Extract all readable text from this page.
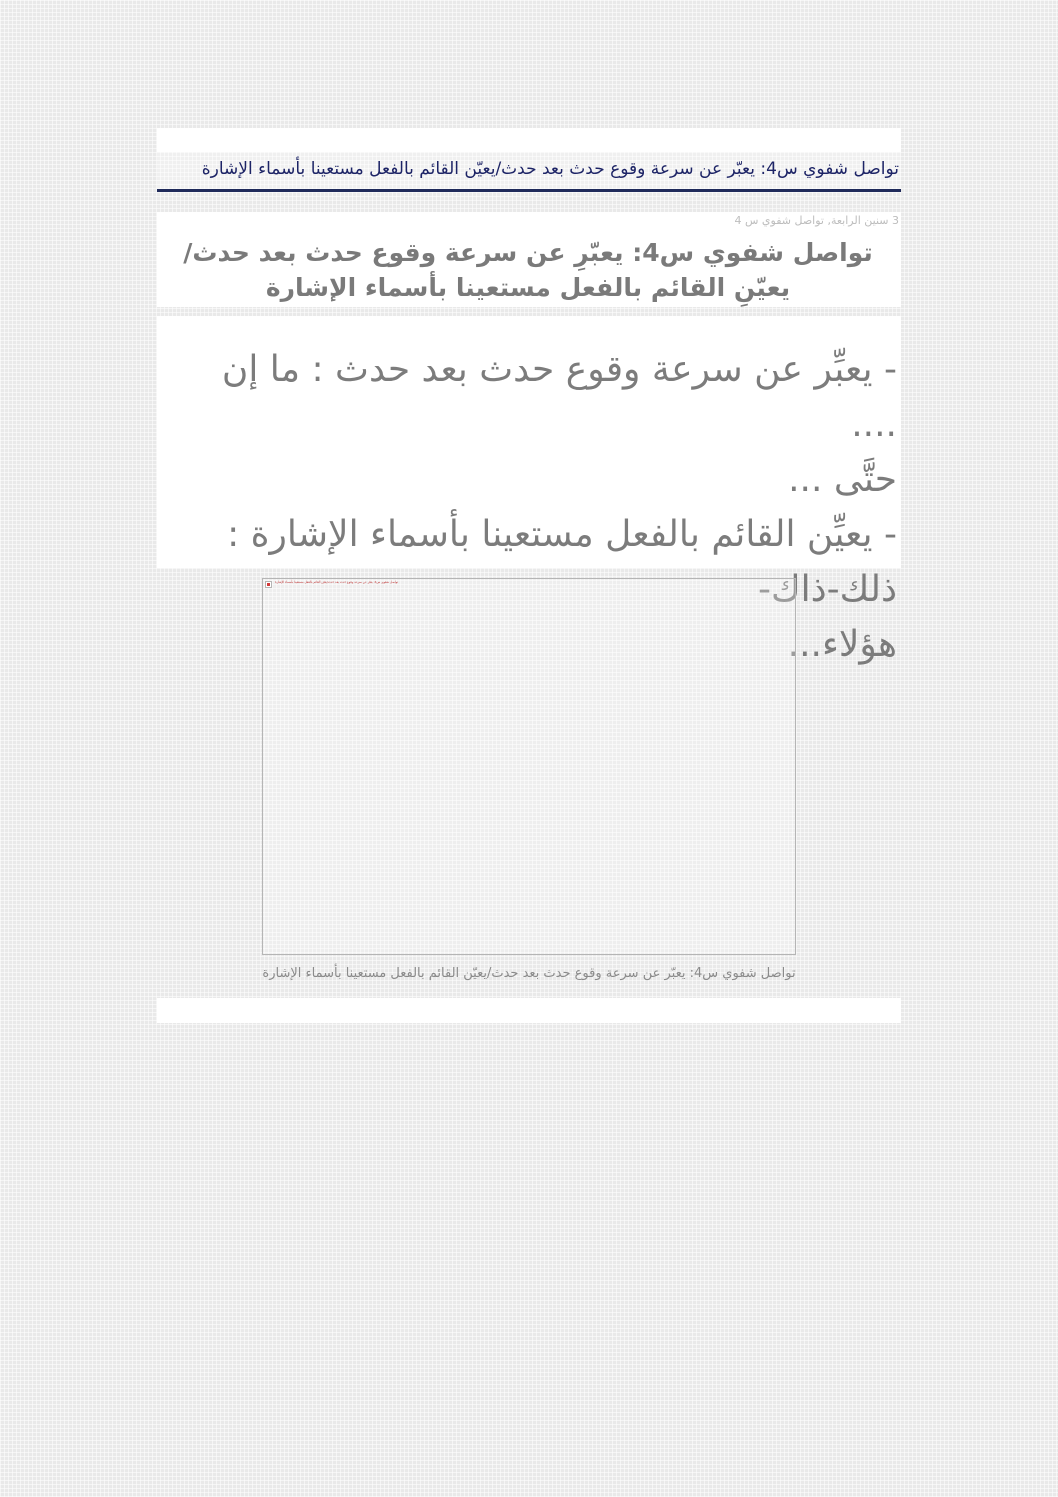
تواصل شفوي س4: يعبّر عن سرعة وقوع حدث بعد حدث/يعيّن القائم بالفعل مستعينا بأسماء الإشارة
3 سنين الرابعة, تواصل شفوي س 4
تواصل شفوي س4: يعبّرِ عن سرعة وقوع حدث بعد حدث/يعيّنِ القائم بالفعل مستعينا بأسماء الإشارة
- يعبِّر عن سرعة وقوع حدث بعد حدث : ما إن ....
حتَّى ...
- يعيِّن القائم بالفعل مستعينا بأسماء الإشارة : ذلك-ذاك-
هؤلاء...
تواصل شفوي س4: يعبّر عن سرعة وقوع حدث بعد حدث/يعيّن القائم بالفعل مستعينا بأسماء الإشارة
تواصل شفوي س4: يعبّر عن سرعة وقوع حدث بعد حدث/يعيّن القائم بالفعل مستعينا بأسماء الإشارة
